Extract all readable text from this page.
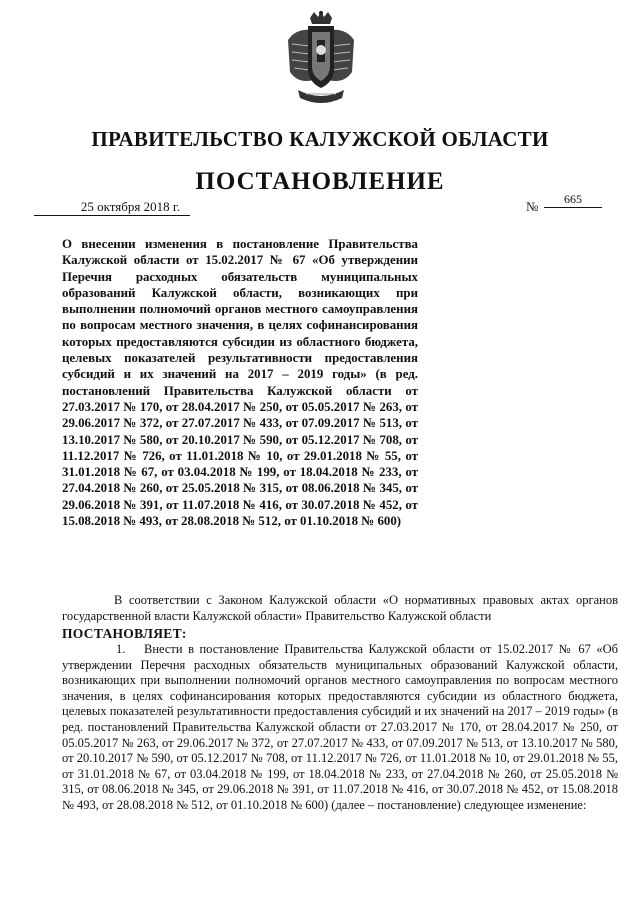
ПРАВИТЕЛЬСТВО КАЛУЖСКОЙ ОБЛАСТИ
ПОСТАНОВЛЕНИЕ
25 октября 2018 г.	№	665
О внесении изменения в постановление Правительства Калужской области от 15.02.2017 № 67 «Об утверждении Перечня расходных обязательств муниципальных образований Калужской области, возникающих при выполнении полномочий органов местного самоуправления по вопросам местного значения, в целях софинансирования которых предоставляются субсидии из областного бюджета, целевых показателей результативности предоставления субсидий и их значений на 2017 – 2019 годы» (в ред. постановлений Правительства Калужской области от 27.03.2017 № 170, от 28.04.2017 № 250, от 05.05.2017 № 263, от 29.06.2017 № 372, от 27.07.2017 № 433, от 07.09.2017 № 513, от 13.10.2017 № 580, от 20.10.2017 № 590, от 05.12.2017 № 708, от 11.12.2017 № 726, от 11.01.2018 № 10, от 29.01.2018 № 55, от 31.01.2018 № 67, от 03.04.2018 № 199, от 18.04.2018 № 233, от 27.04.2018 № 260, от 25.05.2018 № 315, от 08.06.2018 № 345, от 29.06.2018 № 391, от 11.07.2018 № 416, от 30.07.2018 № 452, от 15.08.2018 № 493, от 28.08.2018 № 512, от 01.10.2018 № 600)
В соответствии с Законом Калужской области «О нормативных правовых актах органов государственной власти Калужской области» Правительство Калужской области
ПОСТАНОВЛЯЕТ:
1. Внести в постановление Правительства Калужской области от 15.02.2017 № 67 «Об утверждении Перечня расходных обязательств муниципальных образований Калужской области, возникающих при выполнении полномочий органов местного самоуправления по вопросам местного значения, в целях софинансирования которых предоставляются субсидии из областного бюджета, целевых показателей результативности предоставления субсидий и их значений на 2017 – 2019 годы» (в ред. постановлений Правительства Калужской области от 27.03.2017 № 170, от 28.04.2017 № 250, от 05.05.2017 № 263, от 29.06.2017 № 372, от 27.07.2017 № 433, от 07.09.2017 № 513, от 13.10.2017 № 580, от 20.10.2017 № 590, от 05.12.2017 № 708, от 11.12.2017 № 726, от 11.01.2018 № 10, от 29.01.2018 № 55, от 31.01.2018 № 67, от 03.04.2018 № 199, от 18.04.2018 № 233, от 27.04.2018 № 260, от 25.05.2018 № 315, от 08.06.2018 № 345, от 29.06.2018 № 391, от 11.07.2018 № 416, от 30.07.2018 № 452, от 15.08.2018 № 493, от 28.08.2018 № 512, от 01.10.2018 № 600) (далее – постановление) следующее изменение:
